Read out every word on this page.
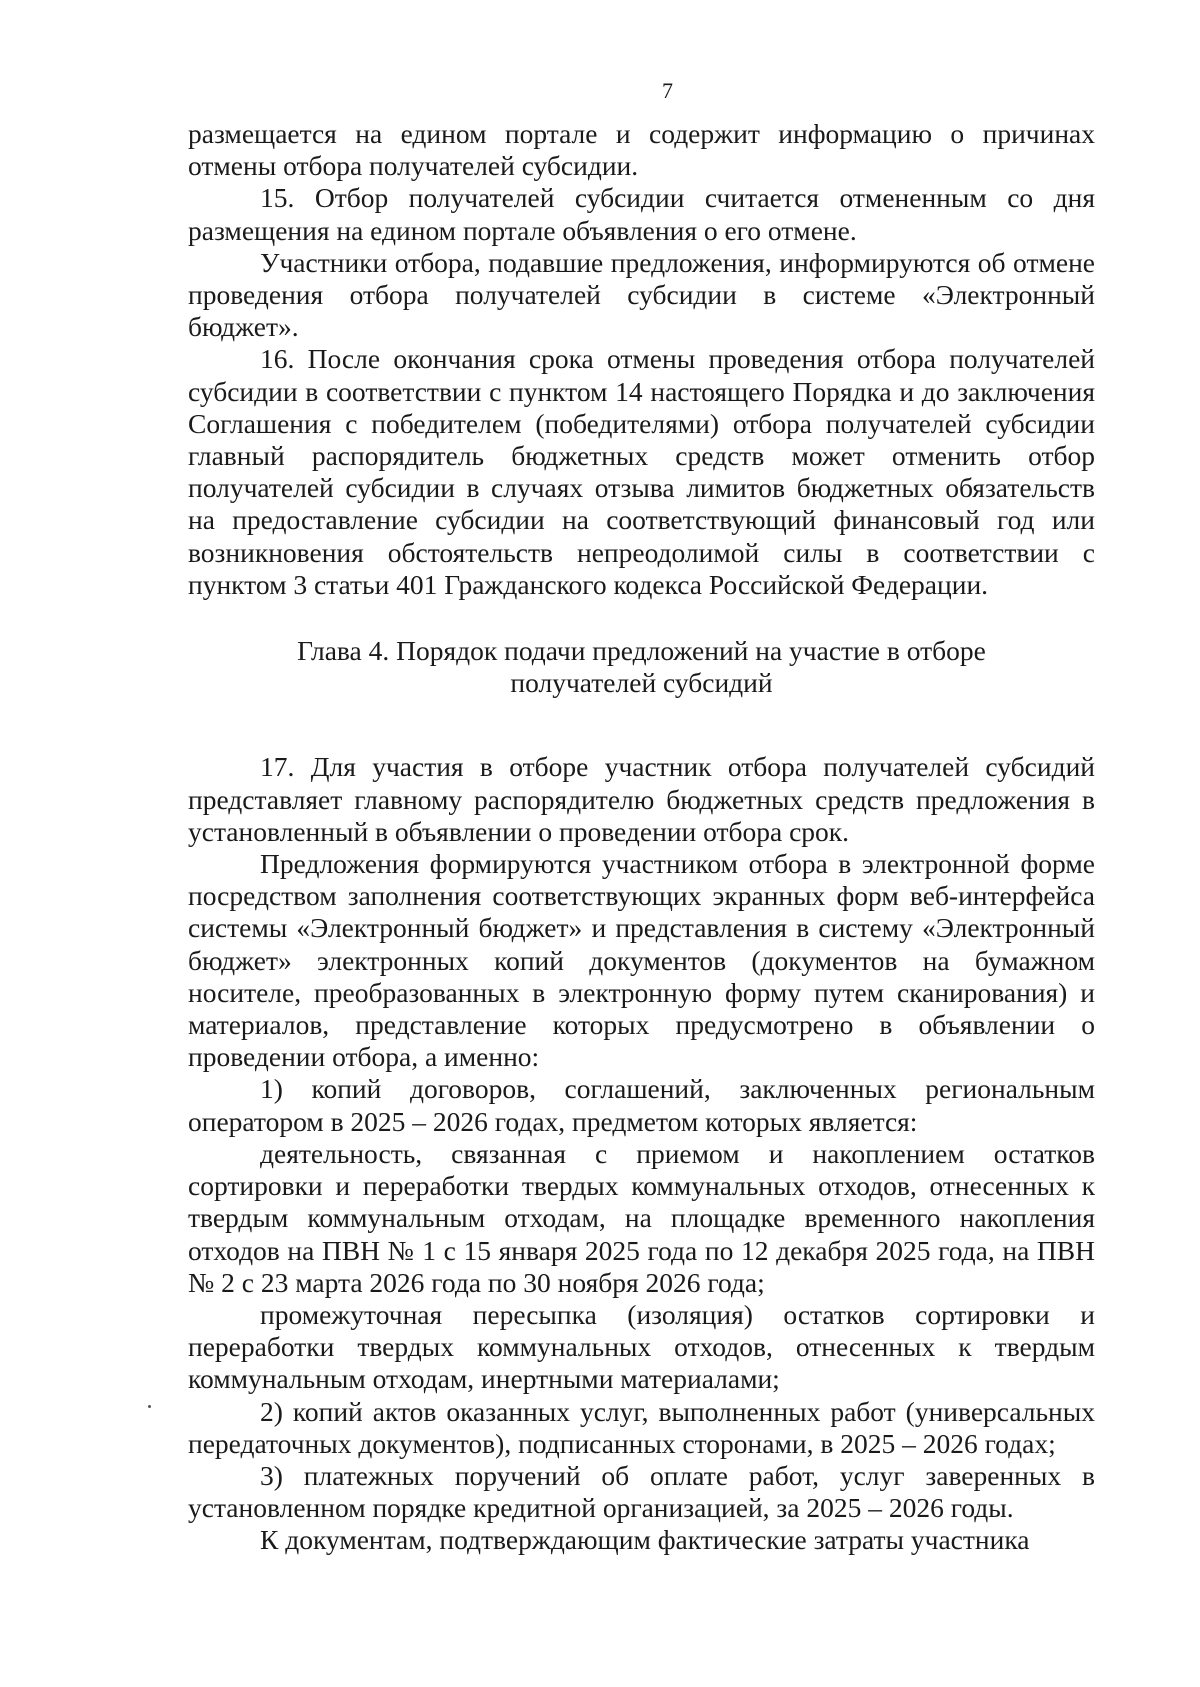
7

размещается на едином портале и содержит информацию о причинах отмены отбора получателей субсидии.

15. Отбор получателей субсидии считается отмененным со дня размещения на едином портале объявления о его отмене.

Участники отбора, подавшие предложения, информируются об отмене проведения отбора получателей субсидии в системе «Электронный бюджет».

16. После окончания срока отмены проведения отбора получателей субсидии в соответствии с пунктом 14 настоящего Порядка и до заключения Соглашения с победителем (победителями) отбора получателей субсидии главный распорядитель бюджетных средств может отменить отбор получателей субсидии в случаях отзыва лимитов бюджетных обязательств на предоставление субсидии на соответствующий финансовый год или возникновения обстоятельств непреодолимой силы в соответствии с пунктом 3 статьи 401 Гражданского кодекса Российской Федерации.

Глава 4. Порядок подачи предложений на участие в отборе
получателей субсидий

17. Для участия в отборе участник отбора получателей субсидий представляет главному распорядителю бюджетных средств предложения в установленный в объявлении о проведении отбора срок.

Предложения формируются участником отбора в электронной форме посредством заполнения соответствующих экранных форм веб-интерфейса системы «Электронный бюджет» и представления в систему «Электронный бюджет» электронных копий документов (документов на бумажном носителе, преобразованных в электронную форму путем сканирования) и материалов, представление которых предусмотрено в объявлении о проведении отбора, а именно:

1) копий договоров, соглашений, заключенных региональным оператором в 2025 – 2026 годах, предметом которых является:

деятельность, связанная с приемом и накоплением остатков сортировки и переработки твердых коммунальных отходов, отнесенных к твердым коммунальным отходам, на площадке временного накопления отходов на ПВН № 1 с 15 января 2025 года по 12 декабря 2025 года, на ПВН № 2 с 23 марта 2026 года по 30 ноября 2026 года;

промежуточная пересыпка (изоляция) остатков сортировки и переработки твердых коммунальных отходов, отнесенных к твердым коммунальным отходам, инертными материалами;

2) копий актов оказанных услуг, выполненных работ (универсальных передаточных документов), подписанных сторонами, в 2025 – 2026 годах;

3) платежных поручений об оплате работ, услуг заверенных в установленном порядке кредитной организацией, за 2025 – 2026 годы.

К документам, подтверждающим фактические затраты участника
